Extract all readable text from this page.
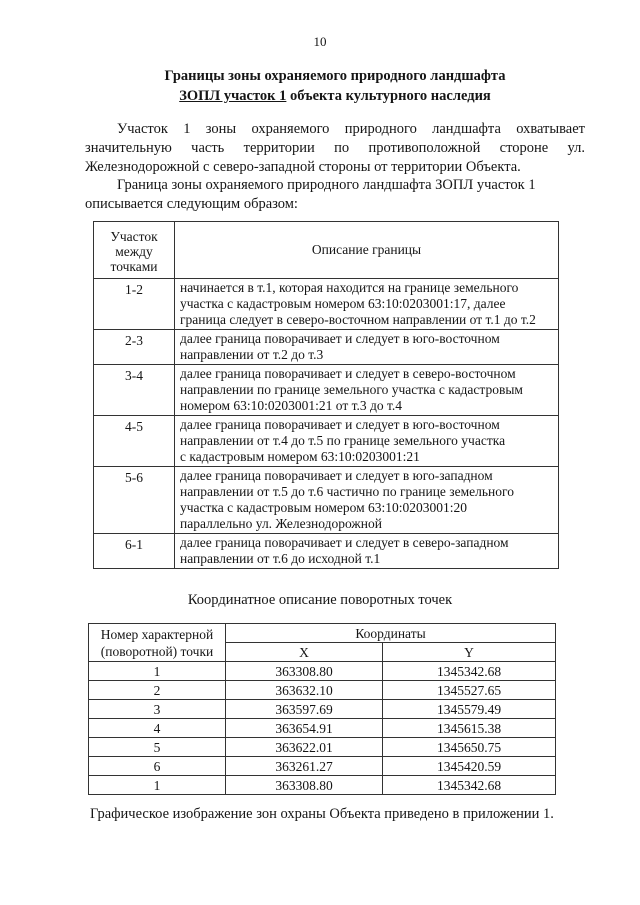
10
Границы зоны охраняемого природного ландшафта
ЗОПЛ участок 1 объекта культурного наследия
Участок 1 зоны охраняемого природного ландшафта охватывает значительную часть территории по противоположной стороне ул. Железнодорожной с северо-западной стороны от территории Объекта.
Граница зоны охраняемого природного ландшафта ЗОПЛ участок 1 описывается следующим образом:
Участок
между
точками	Описание границы
1-2	начинается в т.1, которая находится на границе земельного
участка с кадастровым номером 63:10:0203001:17, далее
граница следует в северо-восточном направлении от т.1 до т.2

2-3	далее граница поворачивает и следует в юго-восточном
направлении от т.2 до т.3

3-4	далее граница поворачивает и следует в северо-восточном
направлении по границе земельного участка с кадастровым
номером 63:10:0203001:21 от т.3 до т.4

4-5	далее граница поворачивает и следует в юго-восточном
направлении от т.4 до т.5 по границе земельного участка
с кадастровым номером 63:10:0203001:21

5-6	далее граница поворачивает и следует в юго-западном
направлении от т.5 до т.6 частично по границе земельного
участка с кадастровым номером 63:10:0203001:20
параллельно ул. Железнодорожной

6-1	далее граница поворачивает и следует в северо-западном
направлении от т.6 до исходной т.1
Координатное описание поворотных точек
Номер характерной
(поворотной) точки	Координаты	
	X	Y
1	363308.80	1345342.68
2	363632.10	1345527.65
3	363597.69	1345579.49
4	363654.91	1345615.38
5	363622.01	1345650.75
6	363261.27	1345420.59
1	363308.80	1345342.68
Графическое изображение зон охраны Объекта приведено в приложении 1.
